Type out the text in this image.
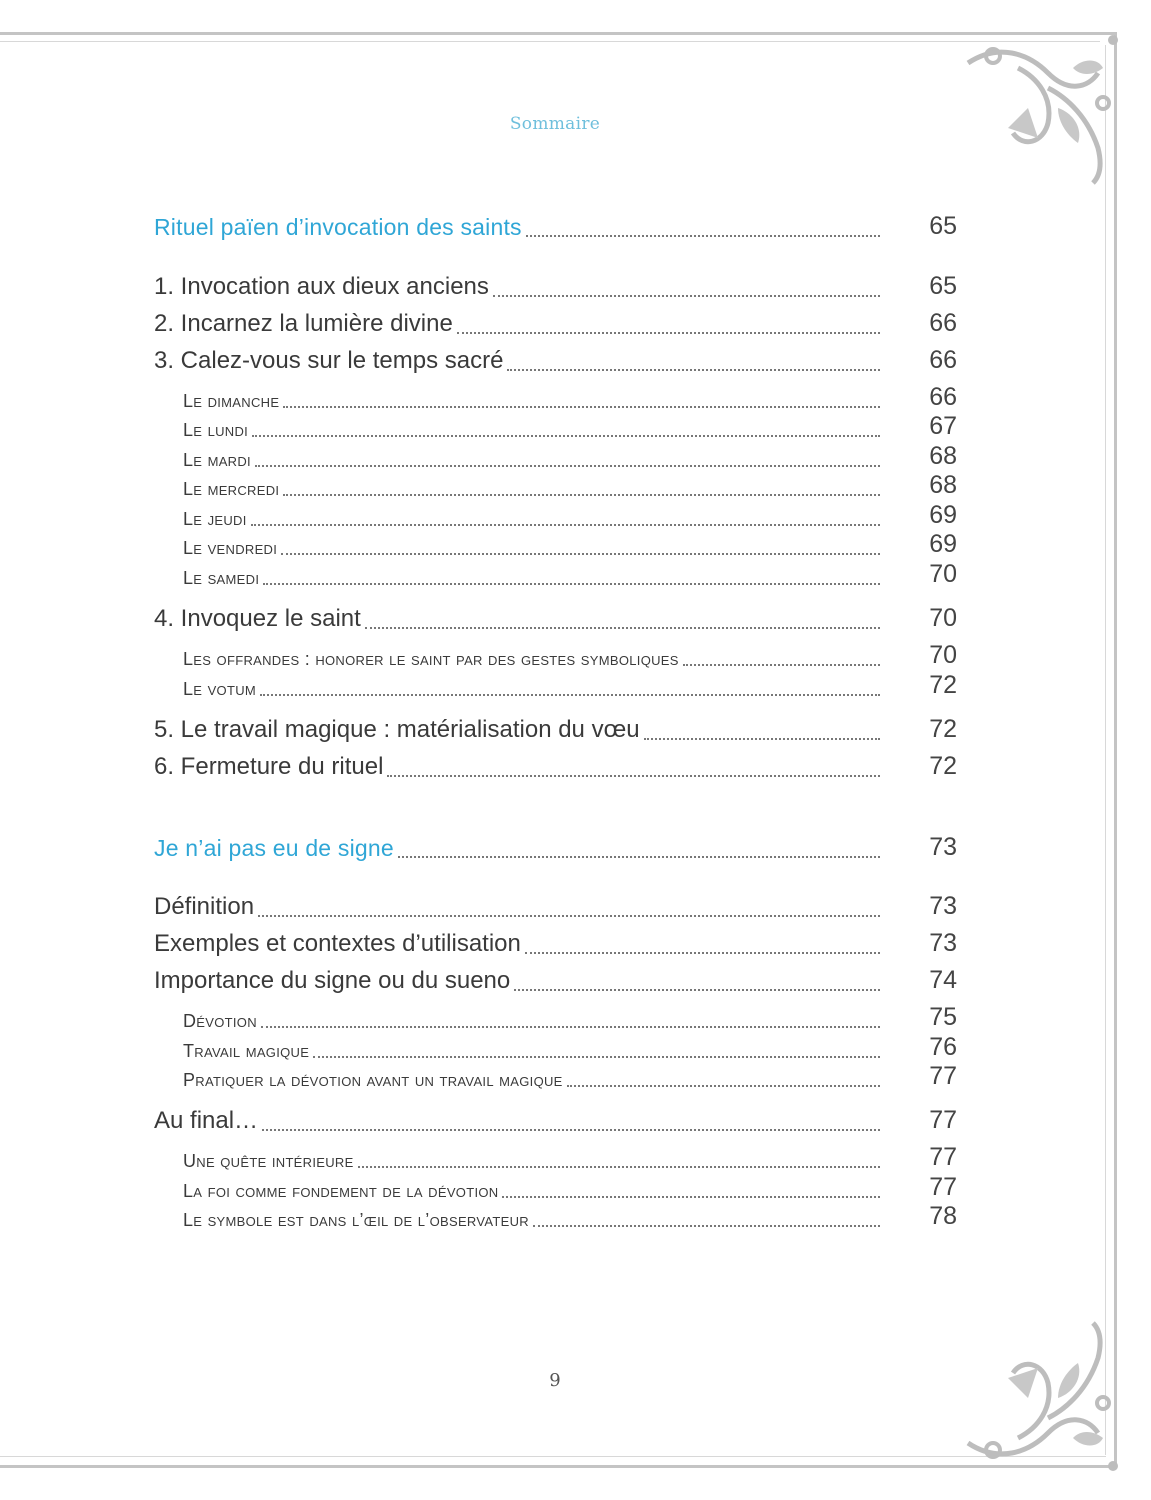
Sommaire
Rituel païen d’invocation des saints	65
1. Invocation aux dieux anciens	65
2. Incarnez la lumière divine	66
3. Calez-vous sur le temps sacré	66
Le dimanche	66
Le lundi	67
Le mardi	68
Le mercredi	68
Le jeudi	69
Le vendredi	69
Le samedi	70
4. Invoquez le saint	70
Les offrandes : honorer le saint par des gestes symboliques	70
Le votum	72
5. Le travail magique : matérialisation du vœu	72
6. Fermeture du rituel	72
Je n’ai pas eu de signe	73
Définition	73
Exemples et contextes d’utilisation	73
Importance du signe ou du sueno	74
Dévotion	75
Travail magique	76
Pratiquer la dévotion avant un travail magique	77
Au final…	77
Une quête intérieure	77
La foi comme fondement de la dévotion	77
Le symbole est dans l’œil de l’observateur	78
9
